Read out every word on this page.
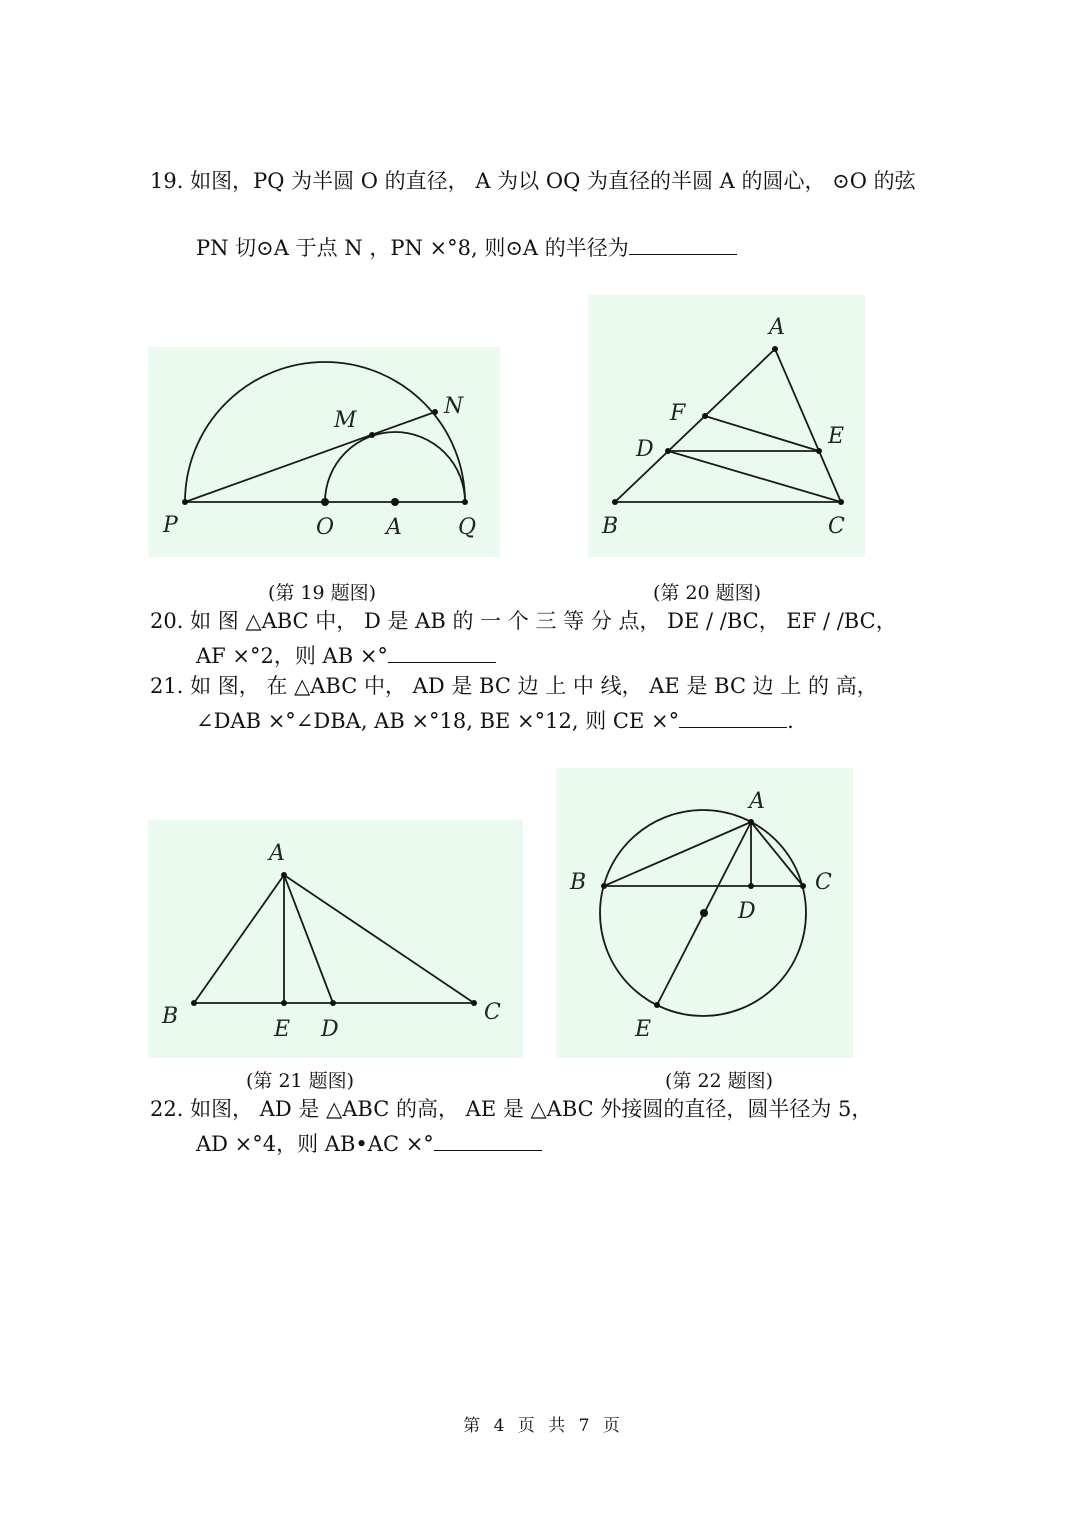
19. 如图，PQ 为半圆 O 的直径， A 为以 OQ 为直径的半圆 A 的圆心， ⊙O 的弦
PN 切⊙A 于点 N ，PN ×°8, 则⊙A 的半径为
P	O A	Q
M
N
A
F
D
E
B	C
(第 19 题图)	(第 20 题图)
20. 如 图 △ABC 中， D 是 AB 的 一 个 三 等 分 点， DE / /BC， EF / /BC，
AF ×°2，则 AB ×°
21. 如 图， 在 △ABC 中， AD 是 BC 边 上 中 线， AE 是 BC 边 上 的 高，
∠DAB ×°∠DBA, AB ×°18, BE ×°12, 则 CE ×°	.
A
B
E D
C
A
B	C
D
E
(第 21 题图)	(第 22 题图)
22. 如图， AD 是 △ABC 的高， AE 是 △ABC 外接圆的直径，圆半径为 5，
AD ×°4，则 AB•AC ×°
第 4 页 共 7 页
